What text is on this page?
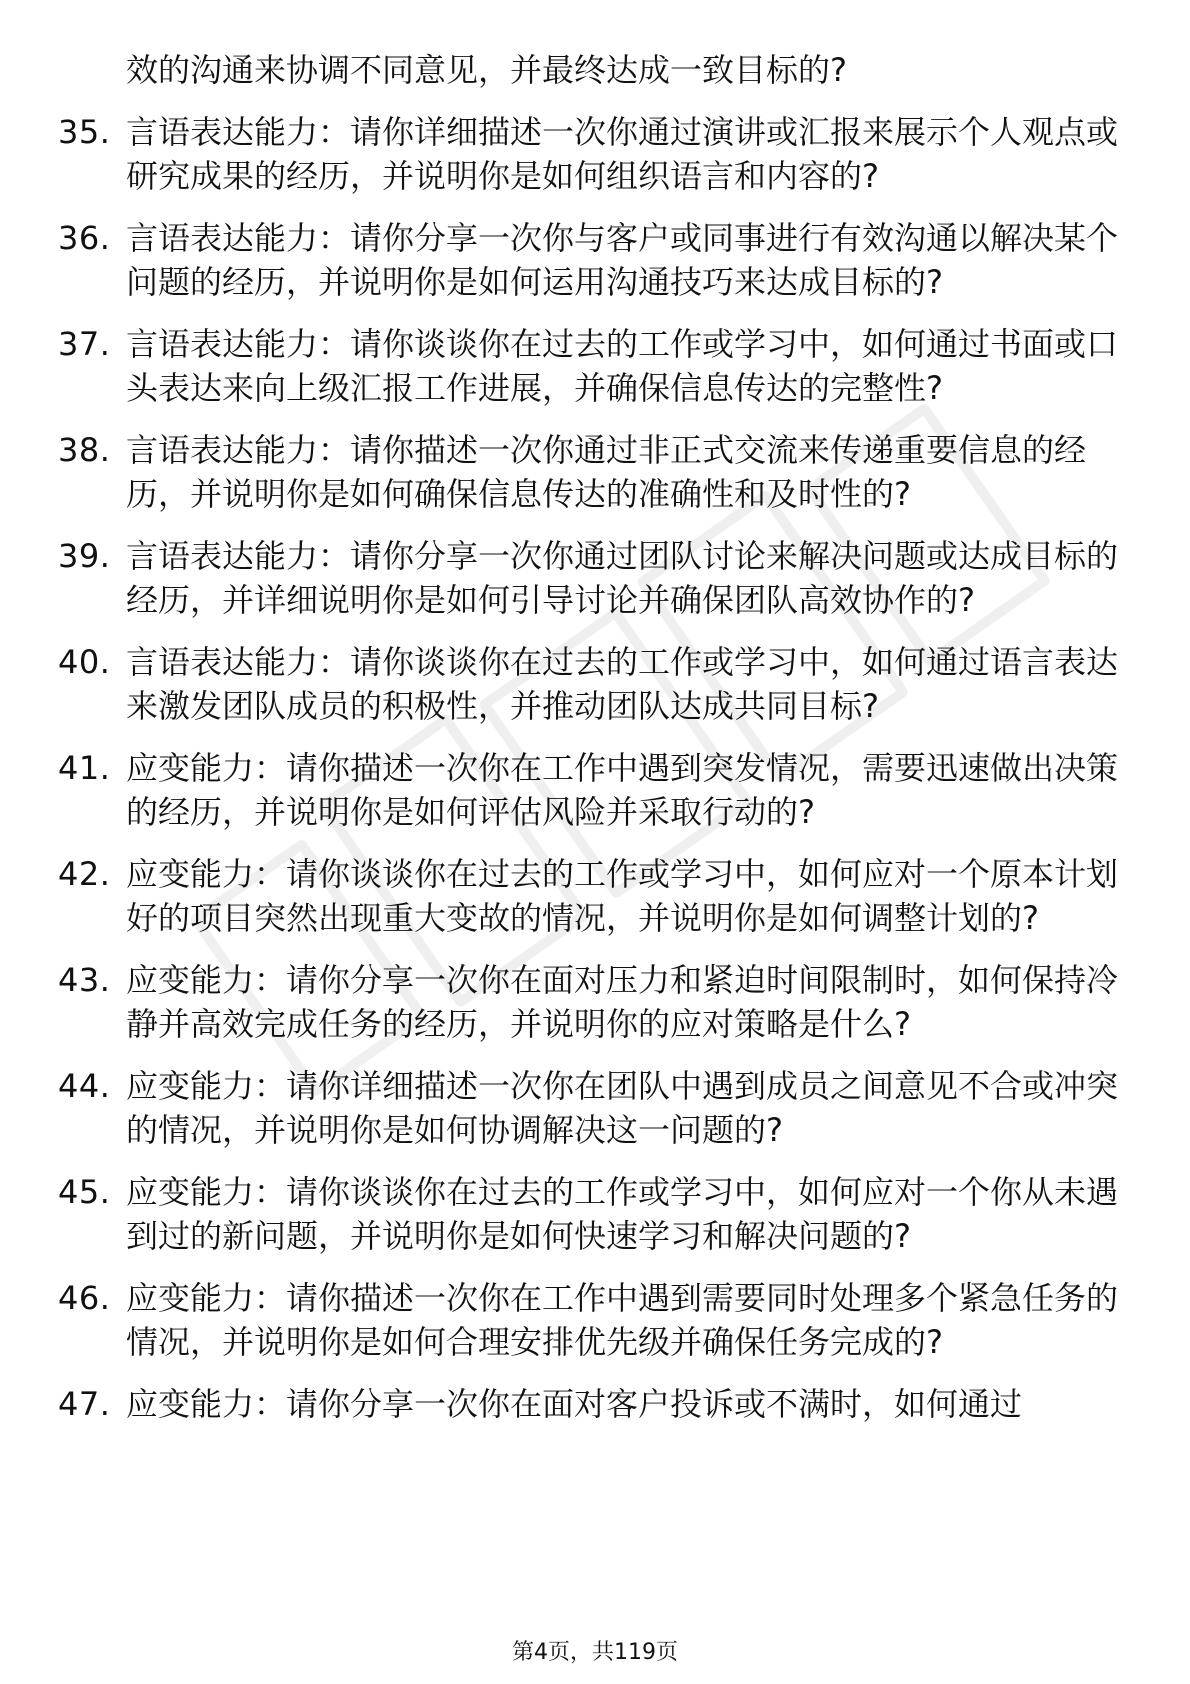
效的沟通来协调不同意见，并最终达成一致目标的?
35. 言语表达能力：请你详细描述一次你通过演讲或汇报来展示个人观点或研究成果的经历，并说明你是如何组织语言和内容的?
36. 言语表达能力：请你分享一次你与客户或同事进行有效沟通以解决某个问题的经历，并说明你是如何运用沟通技巧来达成目标的?
37. 言语表达能力：请你谈谈你在过去的工作或学习中，如何通过书面或口头表达来向上级汇报工作进展，并确保信息传达的完整性?
38. 言语表达能力：请你描述一次你通过非正式交流来传递重要信息的经历，并说明你是如何确保信息传达的准确性和及时性的?
39. 言语表达能力：请你分享一次你通过团队讨论来解决问题或达成目标的经历，并详细说明你是如何引导讨论并确保团队高效协作的?
40. 言语表达能力：请你谈谈你在过去的工作或学习中，如何通过语言表达来激发团队成员的积极性，并推动团队达成共同目标?
41. 应变能力：请你描述一次你在工作中遇到突发情况，需要迅速做出决策的经历，并说明你是如何评估风险并采取行动的?
42. 应变能力：请你谈谈你在过去的工作或学习中，如何应对一个原本计划好的项目突然出现重大变故的情况，并说明你是如何调整计划的?
43. 应变能力：请你分享一次你在面对压力和紧迫时间限制时，如何保持冷静并高效完成任务的经历，并说明你的应对策略是什么?
44. 应变能力：请你详细描述一次你在团队中遇到成员之间意见不合或冲突的情况，并说明你是如何协调解决这一问题的?
45. 应变能力：请你谈谈你在过去的工作或学习中，如何应对一个你从未遇到过的新问题，并说明你是如何快速学习和解决问题的?
46. 应变能力：请你描述一次你在工作中遇到需要同时处理多个紧急任务的情况，并说明你是如何合理安排优先级并确保任务完成的?
47. 应变能力：请你分享一次你在面对客户投诉或不满时，如何通过
第4页，共119页
